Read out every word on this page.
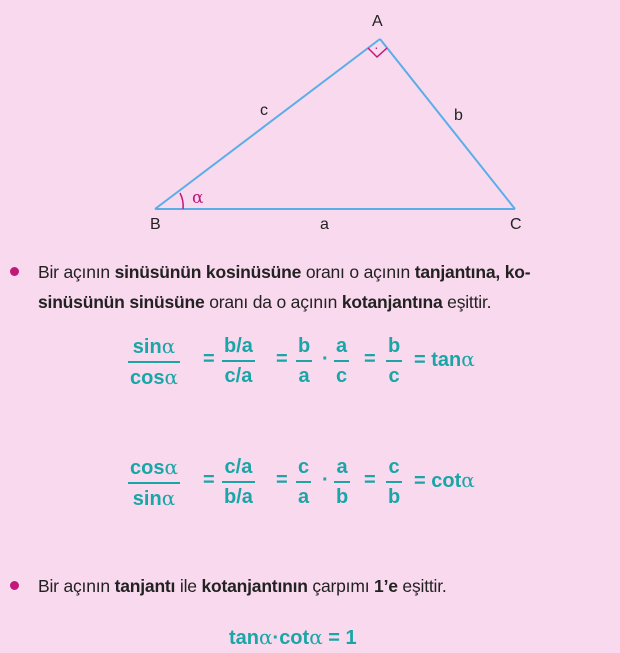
·
α
A
B	C
a
b
c
Bir açının sinüsünün kosinüsüne oranı o açının tanjantına, ko-
sinüsünün sinüsüne oranı da o açının kotanjantına eşittir.
sinα
cosα
=
b/a
c/a
=
b
a
·
a
c
=
b
c
= tanα
cosα
sinα
=
c/a
b/a
=
c
a
·
a
b
=
c
b
= cotα
Bir açının tanjantı ile kotanjantının çarpımı 1’e eşittir.
tanα·cotα = 1
